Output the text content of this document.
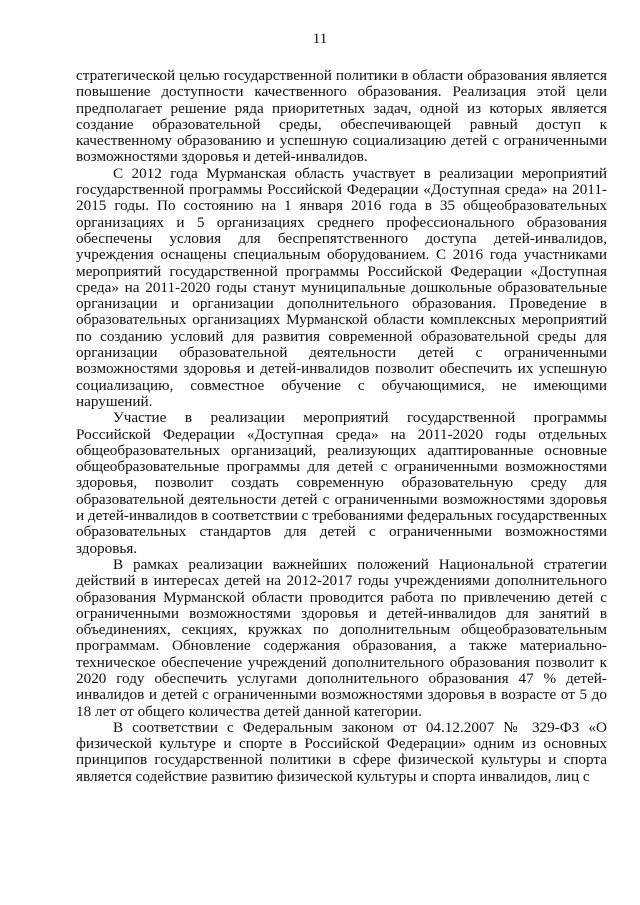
11

стратегической целью государственной политики в области образования является повышение доступности качественного образования. Реализация этой цели предполагает решение ряда приоритетных задач, одной из которых является создание образовательной среды, обеспечивающей равный доступ к качественному образованию и успешную социализацию детей с ограниченными возможностями здоровья и детей-инвалидов.

С 2012 года Мурманская область участвует в реализации мероприятий государственной программы Российской Федерации «Доступная среда» на 2011-2015 годы. По состоянию на 1 января 2016 года в 35 общеобразовательных организациях и 5 организациях среднего профессионального образования обеспечены условия для беспрепятственного доступа детей-инвалидов, учреждения оснащены специальным оборудованием. С 2016 года участниками мероприятий государственной программы Российской Федерации «Доступная среда» на 2011-2020 годы станут муниципальные дошкольные образовательные организации и организации дополнительного образования. Проведение в образовательных организациях Мурманской области комплексных мероприятий по созданию условий для развития современной образовательной среды для организации образовательной деятельности детей с ограниченными возможностями здоровья и детей-инвалидов позволит обеспечить их успешную социализацию, совместное обучение с обучающимися, не имеющими нарушений.

Участие в реализации мероприятий государственной программы Российской Федерации «Доступная среда» на 2011-2020 годы отдельных общеобразовательных организаций, реализующих адаптированные основные общеобразовательные программы для детей с ограниченными возможностями здоровья, позволит создать современную образовательную среду для образовательной деятельности детей с ограниченными возможностями здоровья и детей-инвалидов в соответствии с требованиями федеральных государственных образовательных стандартов для детей с ограниченными возможностями здоровья.

В рамках реализации важнейших положений Национальной стратегии действий в интересах детей на 2012-2017 годы учреждениями дополнительного образования Мурманской области проводится работа по привлечению детей с ограниченными возможностями здоровья и детей-инвалидов для занятий в объединениях, секциях, кружках по дополнительным общеобразовательным программам. Обновление содержания образования, а также материально-техническое обеспечение учреждений дополнительного образования позволит к 2020 году обеспечить услугами дополнительного образования 47 % детей-инвалидов и детей с ограниченными возможностями здоровья в возрасте от 5 до 18 лет от общего количества детей данной категории.

В соответствии с Федеральным законом от 04.12.2007 № 329-ФЗ «О физической культуре и спорте в Российской Федерации» одним из основных принципов государственной политики в сфере физической культуры и спорта является содействие развитию физической культуры и спорта инвалидов, лиц с
